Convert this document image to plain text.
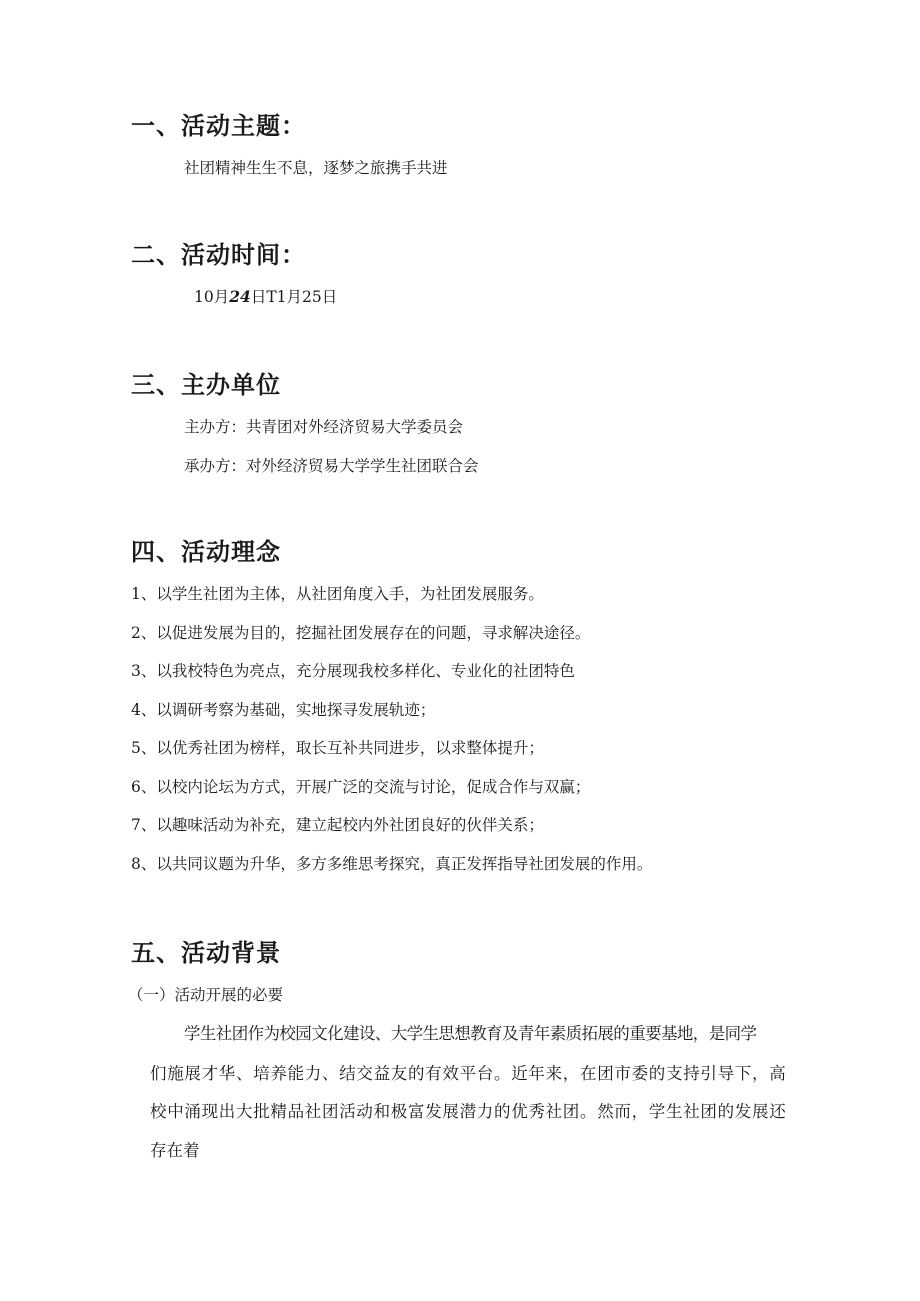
一、活动主题：
社团精神生生不息，逐梦之旅携手共进
二、活动时间：
10月24日T1月25日
三、主办单位
主办方：共青团对外经济贸易大学委员会
承办方：对外经济贸易大学学生社团联合会
四、活动理念
1、以学生社团为主体，从社团角度入手，为社团发展服务。
2、以促进发展为目的，挖掘社团发展存在的问题，寻求解决途径。
3、以我校特色为亮点，充分展现我校多样化、专业化的社团特色
4、以调研考察为基础，实地探寻发展轨迹；
5、以优秀社团为榜样，取长互补共同进步，以求整体提升；
6、以校内论坛为方式，开展广泛的交流与讨论，促成合作与双赢；
7、以趣味活动为补充，建立起校内外社团良好的伙伴关系；
8、以共同议题为升华，多方多维思考探究，真正发挥指导社团发展的作用。
五、活动背景
（一）活动开展的必要
学生社团作为校园文化建设、大学生思想教育及青年素质拓展的重要基地，是同学
们施展才华、培养能力、结交益友的有效平台。近年来，在团市委的支持引导下，高
校中涌现出大批精品社团活动和极富发展潜力的优秀社团。然而，学生社团的发展还
存在着
